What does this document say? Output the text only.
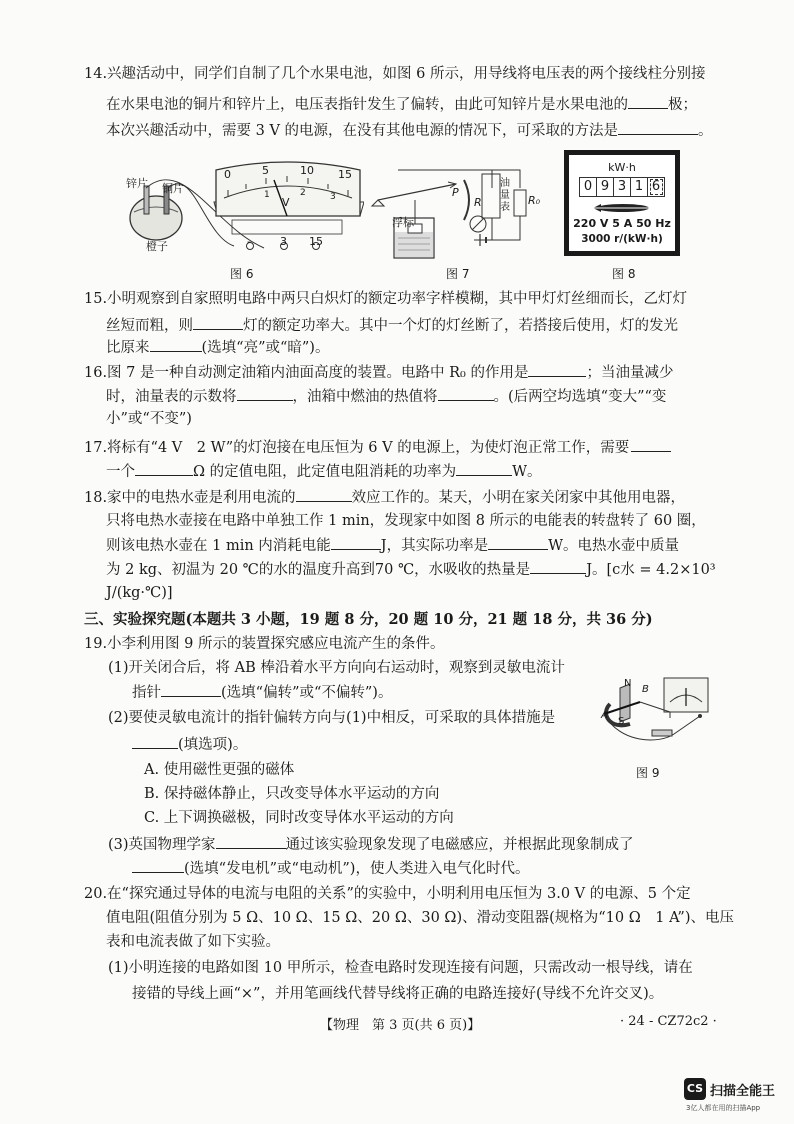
14.兴趣活动中，同学们自制了几个水果电池，如图 6 所示，用导线将电压表的两个接线柱分别接
在水果电池的铜片和锌片上，电压表指针发生了偏转，由此可知锌片是水果电池的	极；
本次兴趣活动中，需要 3 V 的电源，在没有其他电源的情况下，可采取的方法是	。
锌片 铜片
橙子
0	5	10 15
1	2	3
V
-	3 15
图 6
浮标
P
R
油量表
R₀
图 7
kW·h
0 9 3 1 6
220 V 5 A 50 Hz
3000 r/(kW·h)
图 8
15.小明观察到自家照明电路中两只白炽灯的额定功率字样模糊，其中甲灯灯丝细而长，乙灯灯
丝短而粗，则	灯的额定功率大。其中一个灯的灯丝断了，若搭接后使用，灯的发光
比原来	(选填“亮”或“暗”)。
16.图 7 是一种自动测定油箱内油面高度的装置。电路中 R₀ 的作用是	；当油量减少
时，油量表的示数将	，油箱中燃油的热值将	。(后两空均选填“变大”“变
小”或“不变”)
17.将标有“4 V　2 W”的灯泡接在电压恒为 6 V 的电源上，为使灯泡正常工作，需要
一个	Ω 的定值电阻，此定值电阻消耗的功率为	W。
18.家中的电热水壶是利用电流的	效应工作的。某天，小明在家关闭家中其他用电器，
只将电热水壶接在电路中单独工作 1 min，发现家中如图 8 所示的电能表的转盘转了 60 圈，
则该电热水壶在 1 min 内消耗电能	J，其实际功率是	W。电热水壶中质量
为 2 kg、初温为 20 ℃的水的温度升高到70 ℃，水吸收的热量是	J。[c水 = 4.2×10³
J/(kg·℃)]
三、实验探究题(本题共 3 小题，19 题 8 分，20 题 10 分，21 题 18 分，共 36 分)
19.小李利用图 9 所示的装置探究感应电流产生的条件。
(1)开关闭合后，将 AB 棒沿着水平方向向右运动时，观察到灵敏电流计
指针	(选填“偏转”或“不偏转”)。
(2)要使灵敏电流计的指针偏转方向与(1)中相反，可采取的具体措施是
(填选项)。
A. 使用磁性更强的磁体
B. 保持磁体静止，只改变导体水平运动的方向
C. 上下调换磁极，同时改变导体水平运动的方向
(3)英国物理学家	通过该实验现象发现了电磁感应，并根据此现象制成了
(选填“发电机”或“电动机”)，使人类进入电气化时代。
N
B
A
S
图 9
20.在“探究通过导体的电流与电阻的关系”的实验中，小明利用电压恒为 3.0 V 的电源、5 个定
值电阻(阻值分别为 5 Ω、10 Ω、15 Ω、20 Ω、30 Ω)、滑动变阻器(规格为“10 Ω　1 A”)、电压
表和电流表做了如下实验。
(1)小明连接的电路如图 10 甲所示，检查电路时发现连接有问题，只需改动一根导线，请在
接错的导线上画“×”，并用笔画线代替导线将正确的电路连接好(导线不允许交叉)。
【物理　第 3 页(共 6 页)】	· 24 - CZ72c2 ·
CS 扫描全能王
3亿人都在用的扫描App
